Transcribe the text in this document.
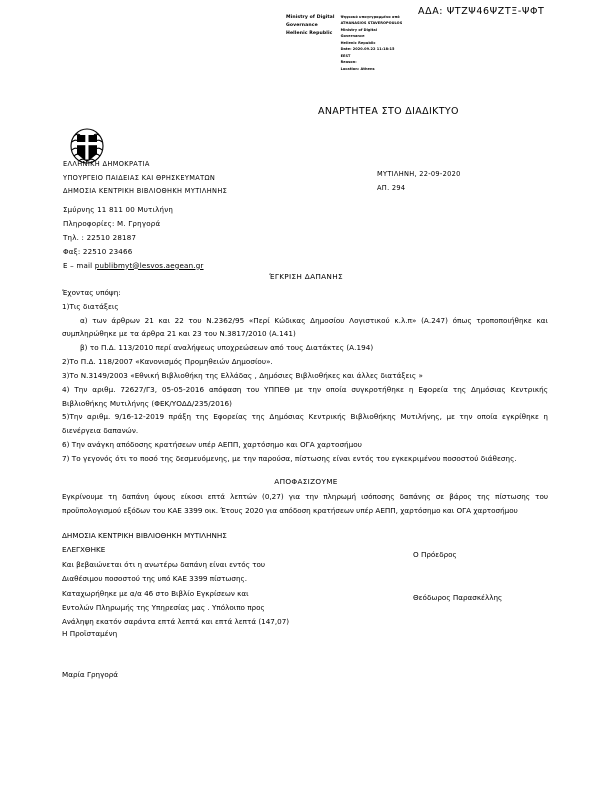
ΑΔΑ: ΨΤΖΨ46ΨΖΤΞ-ΨΦΤ
Ministry of Digital
Governance
Hellenic Republic
Ψηφιακά υπογεγραμμένο από
ATHANASIOS STAVEROPOULOS
Ministry of Digital
Governance
Hellenic Republic
Date: 2020.09.22 11:18:15
EEST
Reason:
Location: Athens
ΑΝΑΡΤΗΤΕΑ ΣΤΟ ΔΙΑΔΙΚΤΥΟ
ΕΛΛΗΝΙΚΗ ΔΗΜΟΚΡΑΤΙΑ
ΥΠΟΥΡΓΕΙΟ ΠΑΙΔΕΙΑΣ ΚΑΙ ΘΡΗΣΚΕΥΜΑΤΩΝ
ΔΗΜΟΣΙΑ ΚΕΝΤΡΙΚΗ ΒΙΒΛΙΟΘΗΚΗ ΜΥΤΙΛΗΝΗΣ
ΜΥΤΙΛΗΝΗ, 22-09-2020
ΑΠ. 294
Σμύρνης 11 811 00 Μυτιλήνη
Πληροφορίες: Μ. Γρηγορά
Τηλ. : 22510 28187
Φαξ: 22510 23466
E – mail publibmyt@lesvos.aegean.gr
ΈΓΚΡΙΣΗ ΔΑΠΑΝΗΣ

Έχοντας υπόψη:

1)Τις διατάξεις

α) των άρθρων 21 και 22 του Ν.2362/95 «Περί Κώδικας Δημοσίου Λογιστικού κ.λ.π» (Α.247) όπως τροποποιήθηκε και συμπληρώθηκε με τα άρθρα 21 και 23 του Ν.3817/2010 (Α.141)

β) το Π.Δ. 113/2010 περί αναλήψεως υποχρεώσεων από τους Διατάκτες (Α.194)

2)Το Π.Δ. 118/2007 «Κανονισμός Προμηθειών Δημοσίου».

3)Το Ν.3149/2003 «Εθνική Βιβλιοθήκη της Ελλάδας , Δημόσιες Βιβλιοθήκες και άλλες διατάξεις »

4) Την αριθμ. 72627/Γ3, 05-05-2016 απόφαση του ΥΠΠΕΘ με την οποία συγκροτήθηκε η Εφορεία της Δημόσιας Κεντρικής Βιβλιοθήκης Μυτιλήνης (ΦΕΚ/ΥΟΔΔ/235/2016)

5)Την αριθμ. 9/16-12-2019 πράξη της Εφορείας της Δημόσιας Κεντρικής Βιβλιοθήκης Μυτιλήνης, με την οποία εγκρίθηκε η διενέργεια δαπανών.

6) Την ανάγκη απόδοσης κρατήσεων υπέρ ΑΕΠΠ, χαρτόσημο και ΟΓΑ χαρτοσήμου

7) Το γεγονός ότι το ποσό της δεσμευόμενης, με την παρούσα, πίστωσης είναι εντός του εγκεκριμένου ποσοστού διάθεσης.

ΑΠΟΦΑΣΙΖΟΥΜΕ

Εγκρίνουμε τη δαπάνη ύψους είκοσι επτά λεπτών (0,27) για την πληρωμή ισόποσης δαπάνης σε βάρος της πίστωσης του προϋπολογισμού εξόδων του ΚΑΕ 3399 οικ. Έτους 2020 για απόδοση κρατήσεων υπέρ ΑΕΠΠ, χαρτόσημο και ΟΓΑ χαρτοσήμου

ΔΗΜΟΣΙΑ ΚΕΝΤΡΙΚΗ ΒΙΒΛΙΟΘΗΚΗ ΜΥΤΙΛΗΝΗΣ
ΕΛΕΓΧΘΗΚΕ
Και βεβαιώνεται ότι η ανωτέρω δαπάνη είναι εντός του
Διαθέσιμου ποσοστού της υπό ΚΑΕ 3399 πίστωσης.
Καταχωρήθηκε με α/α 46 στο Βιβλίο Εγκρίσεων και
Εντολών Πληρωμής της Υπηρεσίας μας . Υπόλοιπο προς
Ανάληψη εκατόν σαράντα επτά λεπτά και επτά λεπτά (147,07)
Ο Πρόεδρος
Θεόδωρος Παρασκέλλης
Η Προϊσταμένη
Μαρία Γρηγορά
